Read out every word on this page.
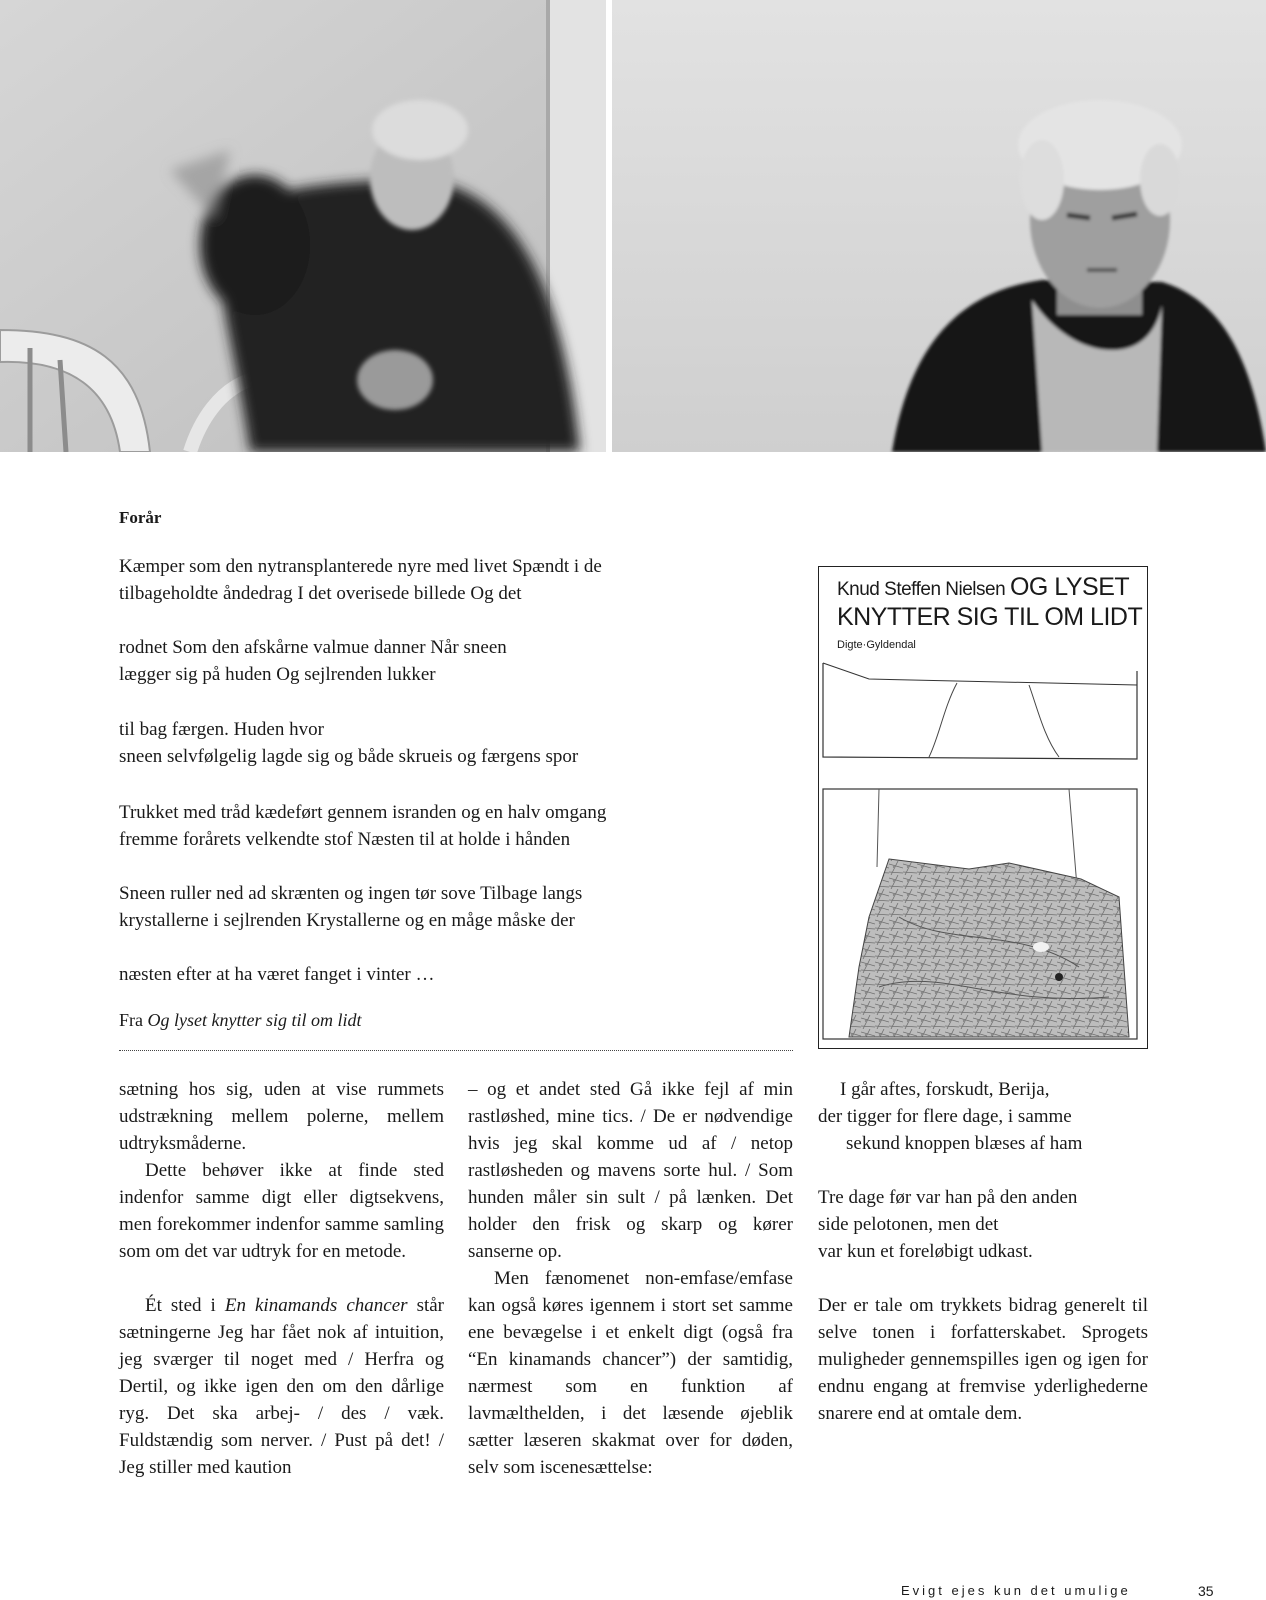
Forår

Kæmper som den nytransplanterede nyre med livet Spændt i de

tilbageholdte åndedrag I det overisede billede Og det

rodnet Som den afskårne valmue danner Når sneen

lægger sig på huden Og sejlrenden lukker

til bag færgen. Huden hvor

sneen selvfølgelig lagde sig og både skrueis og færgens spor

Trukket med tråd kædeført gennem isranden og en halv omgang

fremme forårets velkendte stof Næsten til at holde i hånden

Sneen ruller ned ad skrænten og ingen tør sove Tilbage langs

krystallerne i sejlrenden Krystallerne og en måge måske der

næsten efter at ha været fanget i vinter …

Fra Og lyset knytter sig til om lidt
Knud Steffen Nielsen OG LYSET
KNYTTER SIG TIL OM LIDT
Digte·Gyldendal

sætning hos sig, uden at vise rummets udstrækning mellem polerne, mellem udtryksmåderne.

Dette behøver ikke at finde sted indenfor samme digt eller digtsekvens, men forekommer indenfor samme samling som om det var udtryk for en metode.

Ét sted i En kinamands chancer står sætningerne Jeg har fået nok af intuition, jeg sværger til noget med / Herfra og Dertil, og ikke igen den om den dårlige ryg. Det ska arbej- / des / væk. Fuldstændig som nerver. / Pust på det! / Jeg stiller med kaution

– og et andet sted Gå ikke fejl af min rastløshed, mine tics. / De er nødvendige hvis jeg skal komme ud af / netop rastløsheden og mavens sorte hul. / Som hunden måler sin sult / på lænken. Det holder den frisk og skarp og kører sanserne op.

Men fænomenet non-emfase/emfase kan også køres igennem i stort set samme ene bevægelse i et enkelt digt (også fra “En kinamands chancer”) der samtidig, nærmest som en funktion af lavmælthelden, i det læsende øjeblik sætter læseren skakmat over for døden, selv som iscenesættelse:

I går aftes, forskudt, Berija,

der tigger for flere dage, i samme

sekund knoppen blæses af ham

Tre dage før var han på den anden

side pelotonen, men det

var kun et foreløbigt udkast.

Der er tale om trykkets bidrag generelt til selve tonen i forfatterskabet. Sprogets muligheder gennemspilles igen og igen for endnu engang at fremvise yderlighederne snarere end at omtale dem.

Evigt ejes kun det umulige	35
